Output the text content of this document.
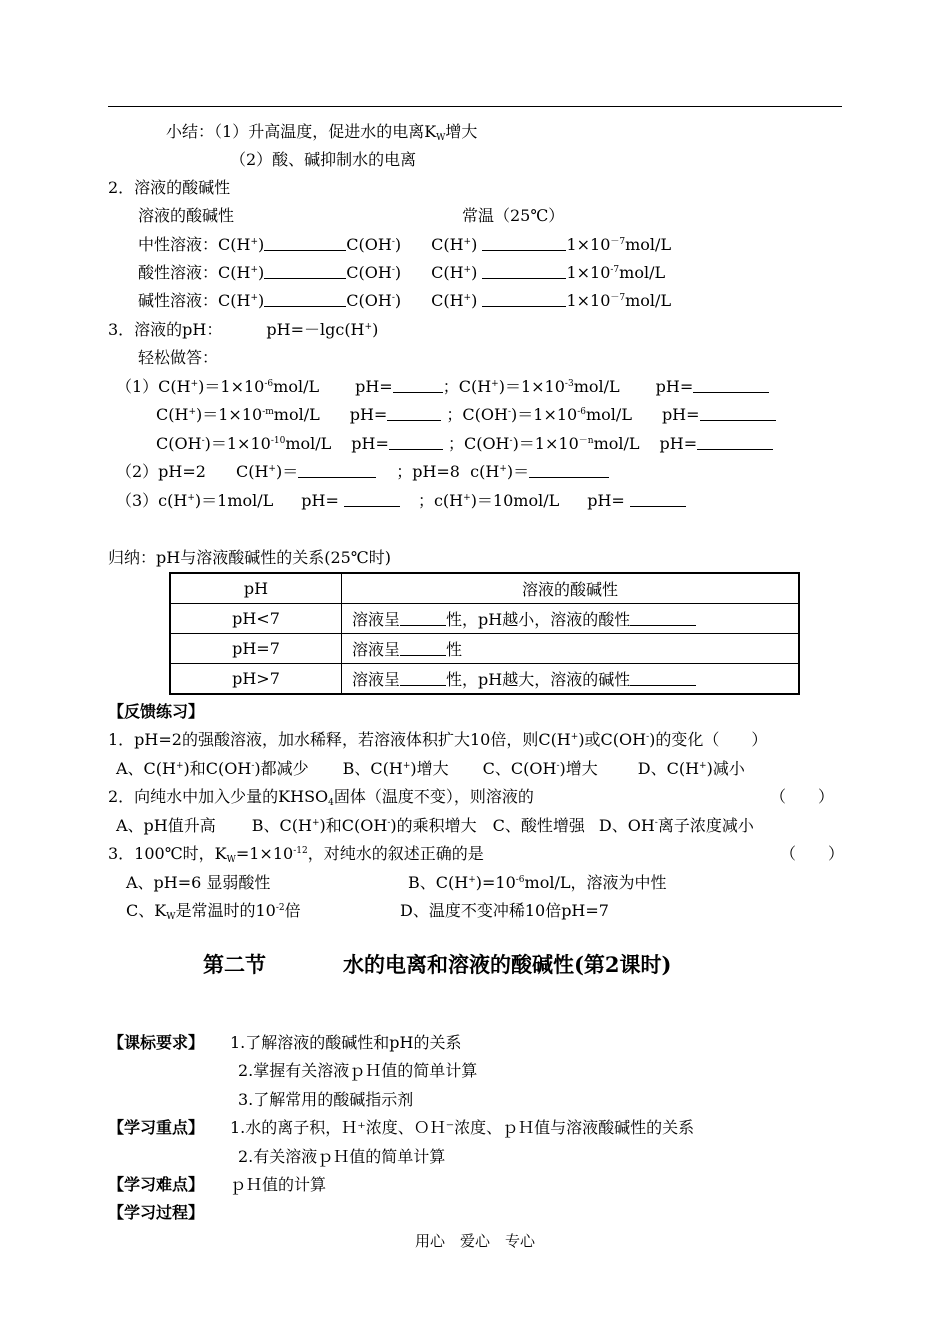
小结：（1）升高温度，促进水的电离$K_W$增大
（2）酸、碱抑制水的电离
2．溶液的酸碱性
溶液的酸碱性	常温（25℃）
中性溶液：C(H+)	C(OH-) C(H+)	$1\times 10^{-7}mol/L$
酸性溶液：C(H+)	C(OH-) C(H+)	$1\times 10^{-7}mol/L$
碱性溶液：C(H+)	C(OH-) C(H+)	$1\times 10^{-7}mol/L$
3．溶液的pH：	pH=－lgc(H+)
轻松做答：
$(1)C(H^+)=1\times 10^{-6}mol/L$ pH=	；$C(H^+)=1\times 10^{-3}mol/L$ pH=
$C(H^+)=1\times 10^{-m}mol/L$ pH=	；$C(OH^-)=1\times 10^{-6}mol/L$ pH=
$C(OH^-)=1\times 10^{-10}mol/L$ pH=	；$C(OH^-)=1\times 10^{-n}mol/L$ pH=
（2）pH=2 C(H+)＝	；pH=8 c(H+)＝
（3）c(H+)＝1mol/L pH=	；c(H+)＝10mol/L pH=
归纳：pH与溶液酸碱性的关系(25℃时)
pH	溶液的酸碱性
pH<7	溶液呈 性，pH越小，溶液的酸性
pH=7	溶液呈 性
pH>7	溶液呈 性，pH越大，溶液的碱性
【反馈练习】
1．pH=2的强酸溶液，加水稀释，若溶液体积扩大10倍，则C(H+)或C(OH-)的变化（　　）
A、C(H+)和C(OH-)都减少 B、C(H+)增大 C、C(OH-)增大	D、C(H+)减小
2．向纯水中加入少量的$KHSO_4$固体（温度不变），则溶液的	（　　）
A、pH值升高 B、C(H+)和C(OH-)的乘积增大 C、酸性增强 D、OH-离子浓度减小
3．100℃时，$K_W=1\times 10^{-12}$，对纯水的叙述正确的是	（　　）
A、pH=6 显弱酸性	B、$C(H^+)=10^{-6}mol/L$，溶液为中性
C、$K_W$是常温时的$10^{-2}$倍	D、温度不变冲稀10倍pH=7
第二节	水的电离和溶液的酸碱性(第2课时)
【课标要求】 1.了解溶液的酸碱性和pH的关系
2.掌握有关溶液ｐＨ值的简单计算
3.了解常用的酸碱指示剂
【学习重点】 1.水的离子积，Ｈ⁺浓度、ＯＨ⁻浓度、ｐＨ值与溶液酸碱性的关系
2.有关溶液ｐＨ值的简单计算
【学习难点】 ｐＨ值的计算
【学习过程】
用心　爱心　专心
